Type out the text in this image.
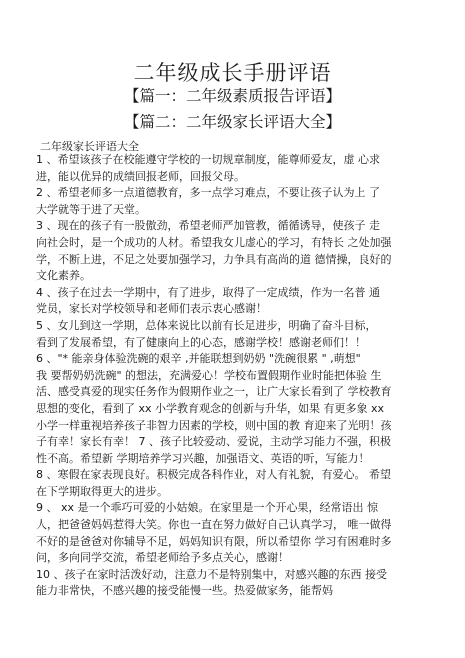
二年级成长手册评语
【篇一：二年级素质报告评语】
【篇二：二年级家长评语大全】
二年级家长评语大全
1 、希望该孩子在校能遵守学校的一切规章制度，能尊师爱友，虚 心求
进，能以优异的成绩回报老师，回报父母。
2 、希望老师多一点道德教育，多一点学习难点，不要让孩子认为上 了
大学就等于进了天堂。
3 、现在的孩子有一股傲劲，希望老师严加管教，循循诱导，使孩子 走
向社会时，是一个成功的人材。希望我女儿虚心的学习，有特长 之处加强
学，不断上进，不足之处要加强学习，力争具有高尚的道 德情操，良好的
文化素养。
4 、孩子在过去一学期中，有了进步，取得了一定成绩，作为一名普 通
党员，家长对学校领导和老师们表示衷心感谢！
5 、女儿到这一学期，总体来说比以前有长足进步，明确了奋斗目标，
看到了发展希望，有了健康向上的心态，感谢学校！感谢老师们！！
6 、"* 能亲身体验洗碗的艰辛 ,并能联想到奶奶 "洗碗很累 " ,萌想"
我 要帮奶奶洗碗" 的想法，充满爱心！学校布置假期作业时能把体验 生
活、感受真爱的现实任务作为假期作业之一，让广大家长看到了 学校教育
思想的变化，看到了 xx 小学教育观念的创新与升华，如果 有更多象 xx
小学一样重视培养孩子非智力因素的学校，则中国的教 育迎来了光明！孩
子有幸！家长有幸！ 7 、孩子比较爱动、爱说，主动学习能力不强，积极
性不高。希望新 学期培养学习兴趣，加强语文、英语的听，写能力！
8 、寒假在家表现良好。积极完成各科作业，对人有礼貌，有爱心。 希望
在下学期取得更大的进步。
9 、 xx 是一个乖巧可爱的小姑娘。在家里是一个开心果，经常语出 惊
人，把爸爸妈妈惹得大笑。你也一直在努力做好自己认真学习， 唯一做得
不好的是爸爸对你辅导不足，妈妈知识有限，所以希望你 学习有困难时多
问，多向同学交流，希望老师给予多点关心，感谢！
10 、孩子在家时活泼好动，注意力不是特别集中，对感兴趣的东西 接受
能力非常快，不感兴趣的接受能慢一些。热爱做家务，能帮妈
